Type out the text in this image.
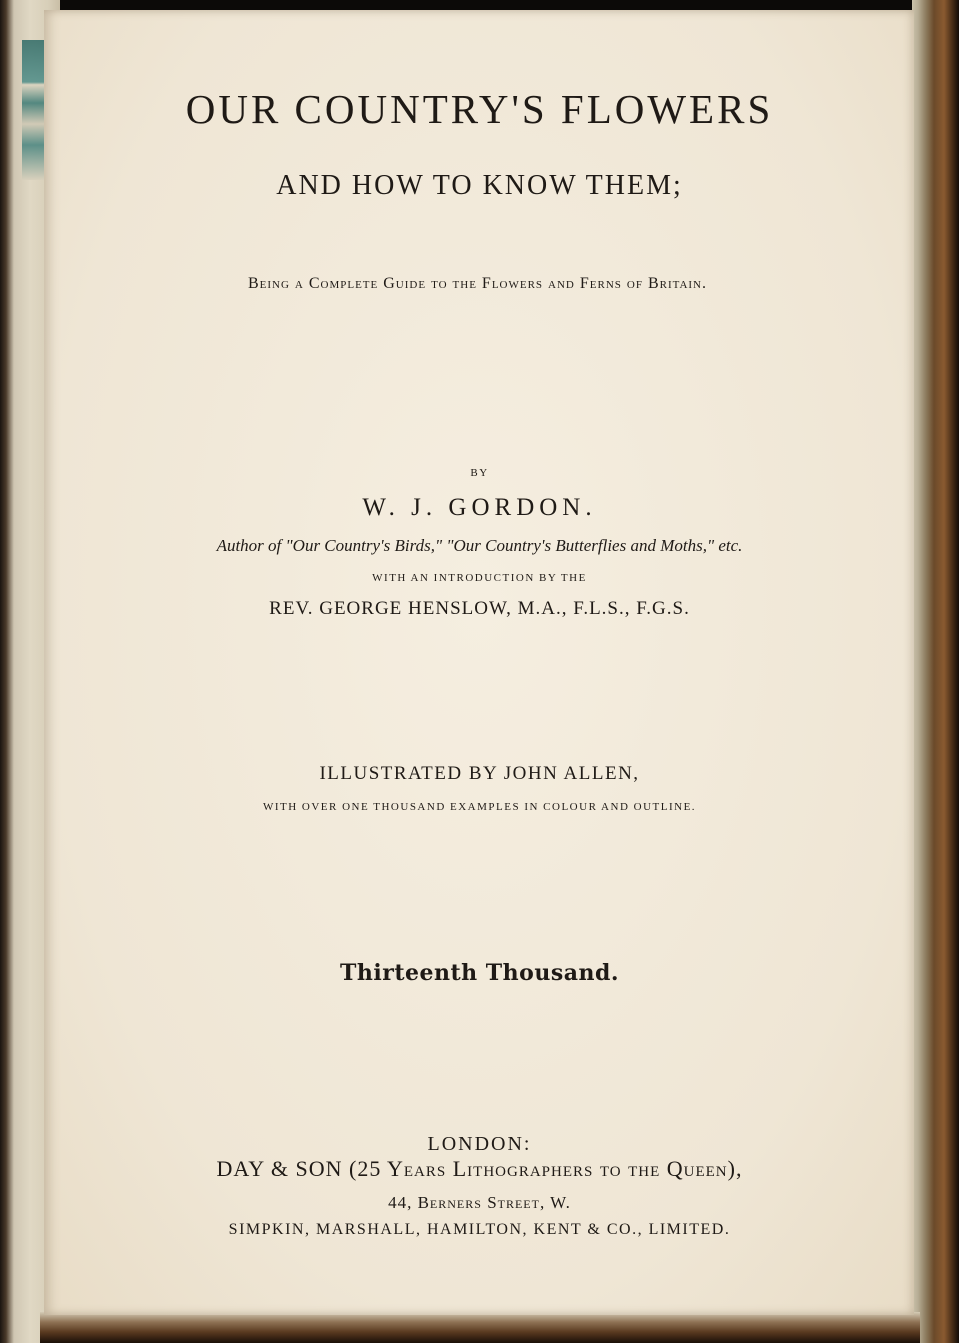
OUR COUNTRY'S FLOWERS
AND HOW TO KNOW THEM;
Being a Complete Guide to the Flowers and Ferns of Britain.
BY
W. J. GORDON.
Author of "Our Country's Birds," "Our Country's Butterflies and Moths," etc.
WITH AN INTRODUCTION BY THE
REV. GEORGE HENSLOW, M.A., F.L.S., F.G.S.
ILLUSTRATED BY JOHN ALLEN,
WITH OVER ONE THOUSAND EXAMPLES IN COLOUR AND OUTLINE.
Thirteenth Thousand.
LONDON:
DAY & SON (25 Years Lithographers to the Queen),
44, Berners Street, W.
SIMPKIN, MARSHALL, HAMILTON, KENT & CO., LIMITED.
